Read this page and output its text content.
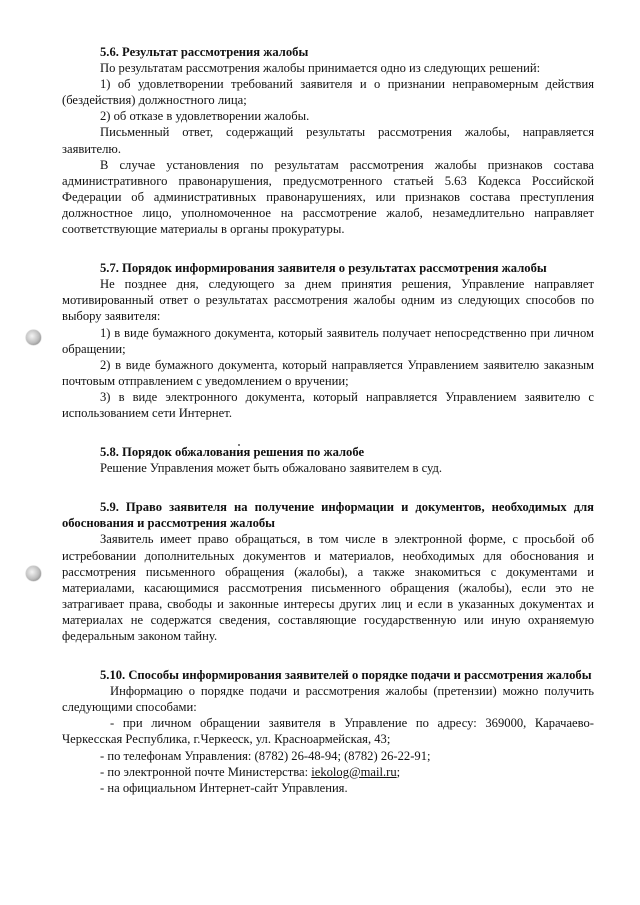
5.6. Результат рассмотрения жалобы

По результатам рассмотрения жалобы принимается одно из следующих решений:

1) об удовлетворении требований заявителя и о признании неправомерным действия (бездействия) должностного лица;

2) об отказе в удовлетворении жалобы.

Письменный ответ, содержащий результаты рассмотрения жалобы, направляется заявителю.

В случае установления по результатам рассмотрения жалобы признаков состава административного правонарушения, предусмотренного статьей 5.63 Кодекса Российской Федерации об административных правонарушениях, или признаков состава преступления должностное лицо, уполномоченное на рассмотрение жалоб, незамедлительно направляет соответствующие материалы в органы прокуратуры.

5.7. Порядок информирования заявителя о результатах рассмотрения жалобы

Не позднее дня, следующего за днем принятия решения, Управление направляет мотивированный ответ о результатах рассмотрения жалобы одним из следующих способов по выбору заявителя:

1) в виде бумажного документа, который заявитель получает непосредственно при личном обращении;

2) в виде бумажного документа, который направляется Управлением заявителю заказным почтовым отправлением с уведомлением о вручении;

3) в виде электронного документа, который направляется Управлением заявителю с использованием сети Интернет.

5.8. Порядок обжалования решения по жалобе

Решение Управления может быть обжаловано заявителем в суд.

5.9. Право заявителя на получение информации и документов, необходимых для обоснования и рассмотрения жалобы

Заявитель имеет право обращаться, в том числе в электронной форме, с просьбой об истребовании дополнительных документов и материалов, необходимых для обоснования и рассмотрения письменного обращения (жалобы), а также знакомиться с документами и материалами, касающимися рассмотрения письменного обращения (жалобы), если это не затрагивает права, свободы и законные интересы других лиц и если в указанных документах и материалах не содержатся сведения, составляющие государственную или иную охраняемую федеральным законом тайну.

5.10. Способы информирования заявителей о порядке подачи и рассмотрения жалобы

Информацию о порядке подачи и рассмотрения жалобы (претензии) можно получить следующими способами:

- при личном обращении заявителя в Управление по адресу: 369000, Карачаево-Черкесская Республика, г.Черкесск, ул. Красноармейская, 43;

- по телефонам Управления: (8782) 26-48-94; (8782) 26-22-91;

- по электронной почте Министерства: iekolog@mail.ru;

- на официальном Интернет-сайт Управления.
